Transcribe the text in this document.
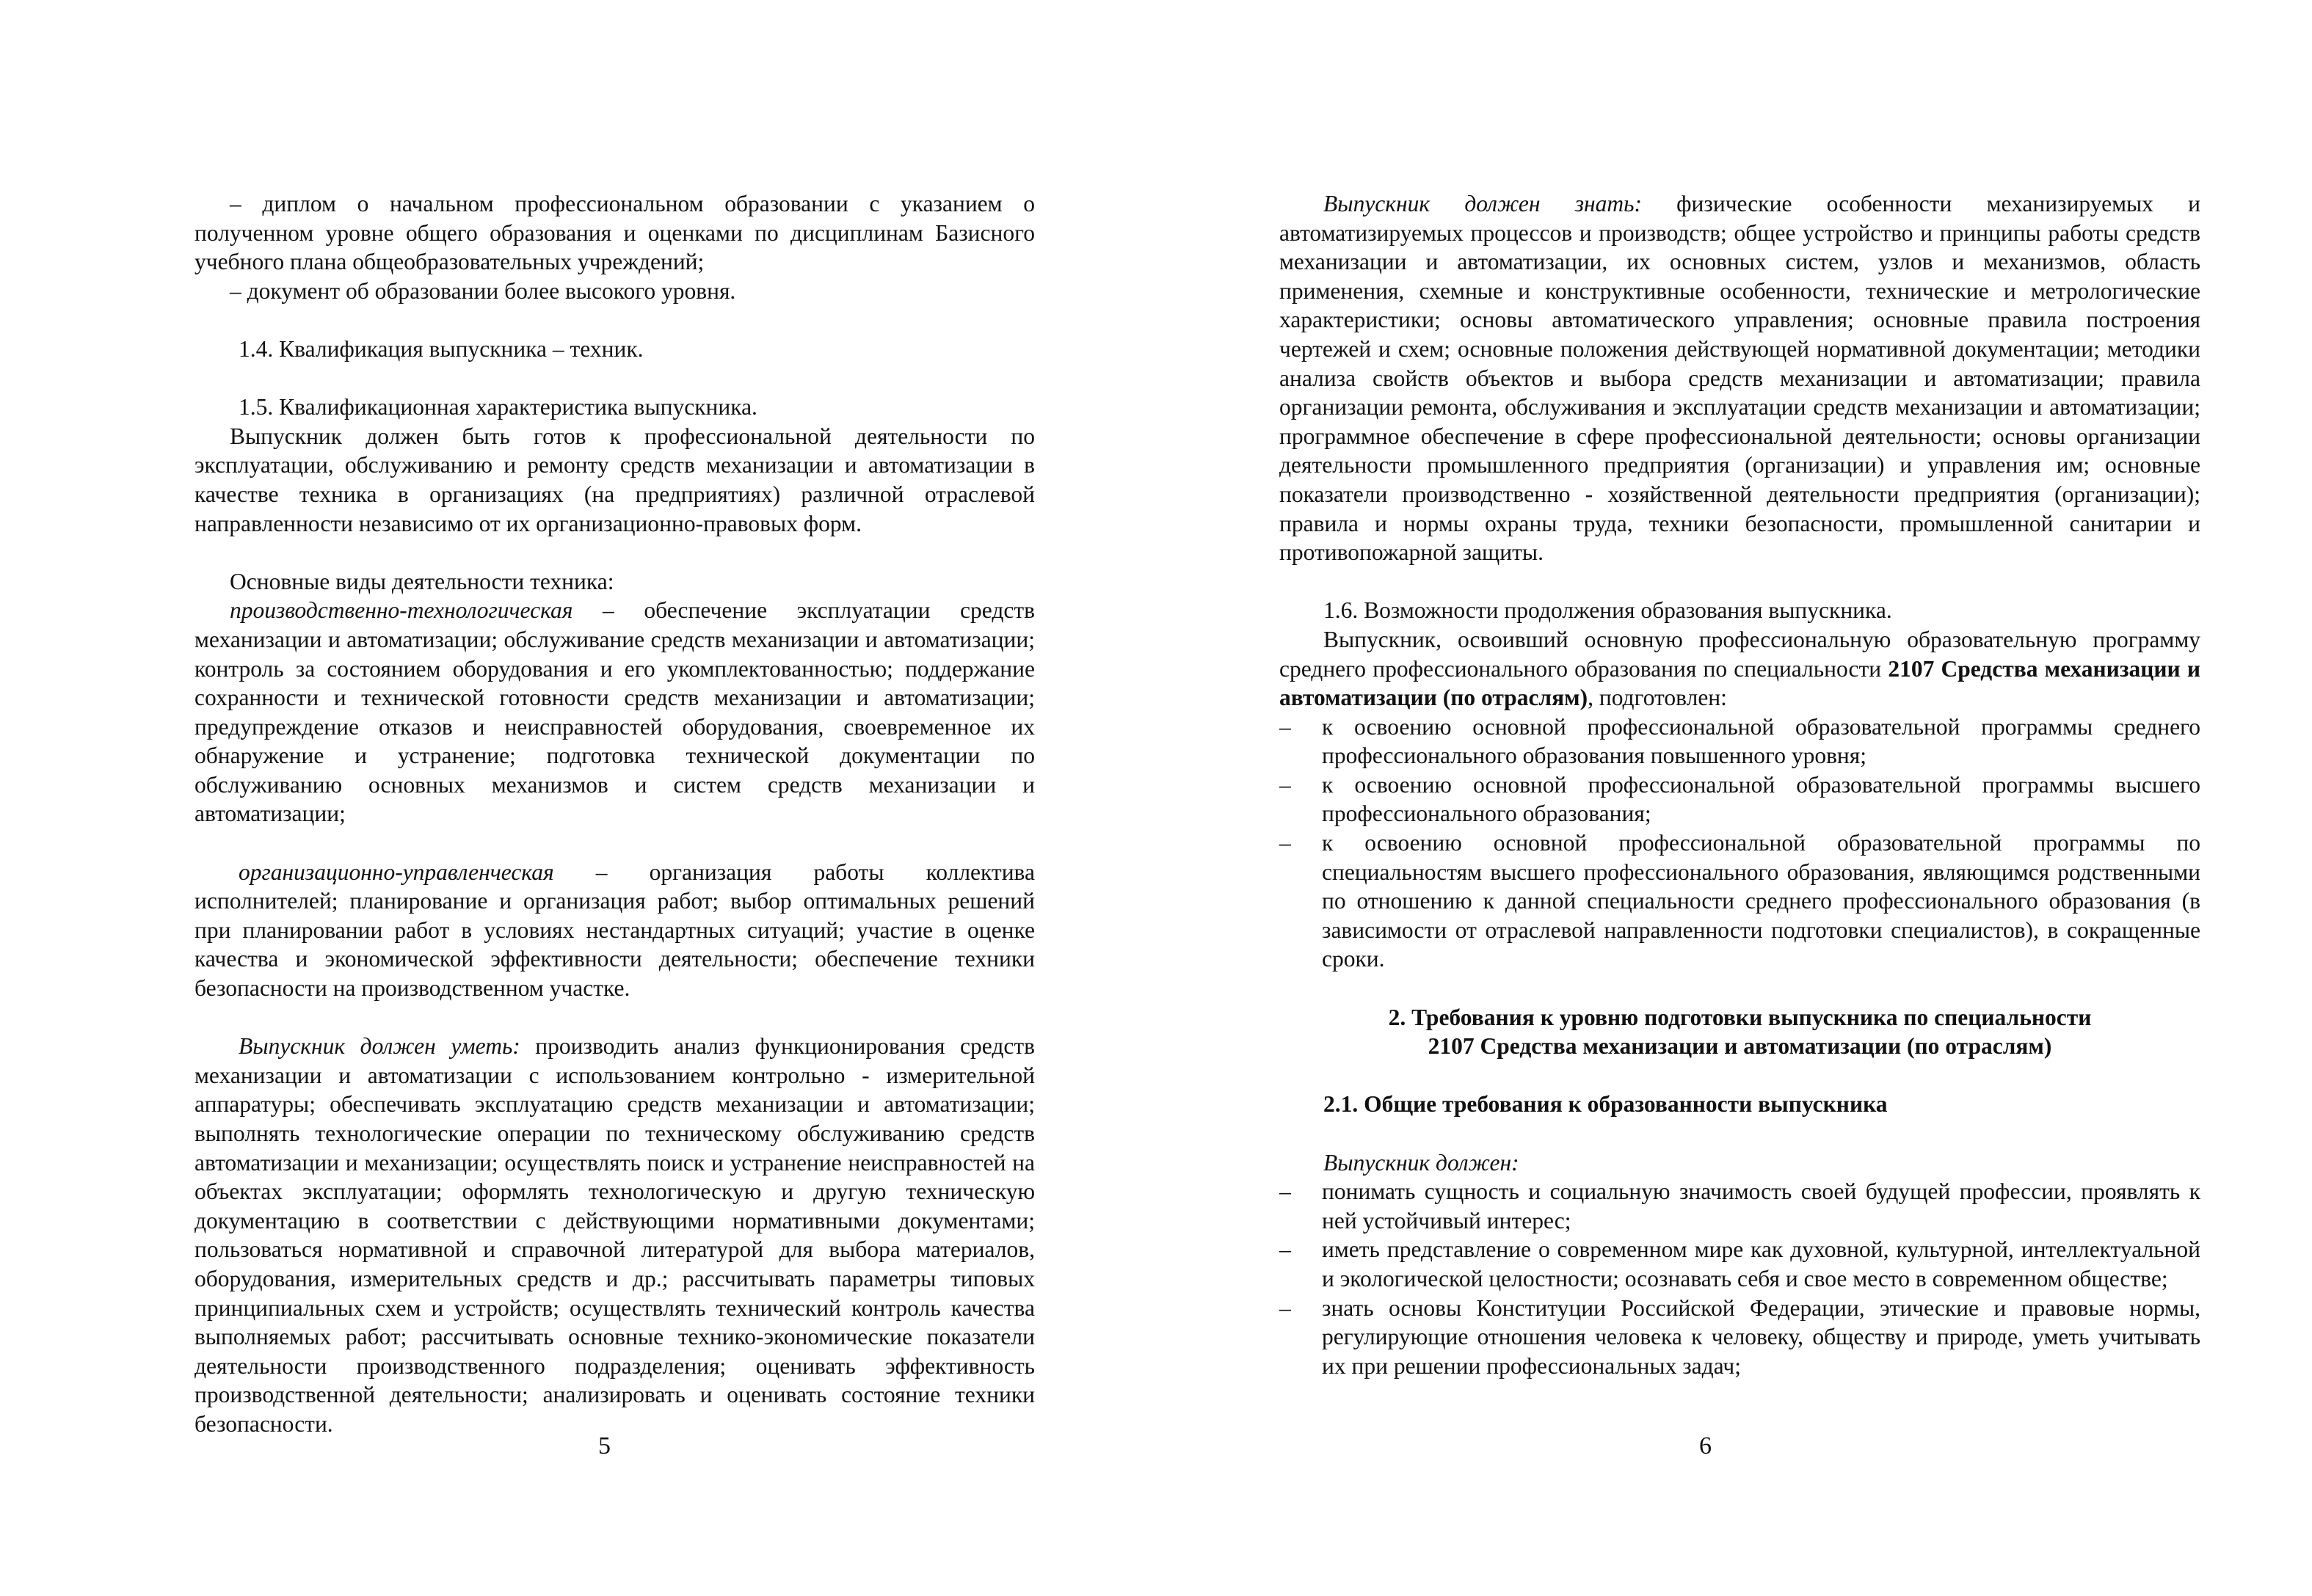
– диплом о начальном профессиональном образовании с указанием о полученном уровне общего образования и оценками по дисциплинам Базисного учебного плана общеобразовательных учреждений;

– документ об образовании более высокого уровня.

1.4. Квалификация выпускника – техник.

1.5. Квалификационная характеристика выпускника.

Выпускник должен быть готов к профессиональной деятельности по эксплуатации, обслуживанию и ремонту средств механизации и автоматизации в качестве техника в организациях (на предприятиях) различной отраслевой направленности независимо от их организационно-правовых форм.

Основные виды деятельности техника:

производственно-технологическая – обеспечение эксплуатации средств механизации и автоматизации; обслуживание средств механизации и автоматизации; контроль за состоянием оборудования и его укомплектованностью; поддержание сохранности и технической готовности средств механизации и автоматизации; предупреждение отказов и неисправностей оборудования, своевременное их обнаружение и устранение; подготовка технической документации по обслуживанию основных механизмов и систем средств механизации и автоматизации;

организационно-управленческая – организация работы коллектива исполнителей; планирование и организация работ; выбор оптимальных решений при планировании работ в условиях нестандартных ситуаций; участие в оценке качества и экономической эффективности деятельности; обеспечение техники безопасности на производственном участке.

Выпускник должен уметь: производить анализ функционирования средств механизации и автоматизации с использованием контрольно - измерительной аппаратуры; обеспечивать эксплуатацию средств механизации и автоматизации; выполнять технологические операции по техническому обслуживанию средств автоматизации и механизации; осуществлять поиск и устранение неисправностей на объектах эксплуатации; оформлять технологическую и другую техническую документацию в соответствии с действующими нормативными документами; пользоваться нормативной и справочной литературой для выбора материалов, оборудования, измерительных средств и др.; рассчитывать параметры типовых принципиальных схем и устройств; осуществлять технический контроль качества выполняемых работ; рассчитывать основные технико-экономические показатели деятельности производственного подразделения; оценивать эффективность производственной деятельности; анализировать и оценивать состояние техники безопасности.

5

Выпускник должен знать: физические особенности механизируемых и автоматизируемых процессов и производств; общее устройство и принципы работы средств механизации и автоматизации, их основных систем, узлов и механизмов, область применения, схемные и конструктивные особенности, технические и метрологические характеристики; основы автоматического управления; основные правила построения чертежей и схем; основные положения действующей нормативной документации; методики анализа свойств объектов и выбора средств механизации и автоматизации; правила организации ремонта, обслуживания и эксплуатации средств механизации и автоматизации; программное обеспечение в сфере профессиональной деятельности; основы организации деятельности промышленного предприятия (организации) и управления им; основные показатели производственно - хозяйственной деятельности предприятия (организации); правила и нормы охраны труда, техники безопасности, промышленной санитарии и противопожарной защиты.

1.6. Возможности продолжения образования выпускника.

Выпускник, освоивший основную профессиональную образовательную программу среднего профессионального образования по специальности 2107 Средства механизации и автоматизации (по отраслям), подготовлен:

– к освоению основной профессиональной образовательной программы среднего профессионального образования повышенного уровня;
– к освоению основной профессиональной образовательной программы высшего профессионального образования;
– к освоению основной профессиональной образовательной программы по специальностям высшего профессионального образования, являющимся родственными по отношению к данной специальности среднего профессионального образования (в зависимости от отраслевой направленности подготовки специалистов), в сокращенные сроки.

2. Требования к уровню подготовки выпускника по специальности

2107 Средства механизации и автоматизации (по отраслям)

2.1. Общие требования к образованности выпускника

Выпускник должен:

– понимать сущность и социальную значимость своей будущей профессии, проявлять к ней устойчивый интерес;
– иметь представление о современном мире как духовной, культурной, интеллектуальной и экологической целостности; осознавать себя и свое место в современном обществе;
– знать основы Конституции Российской Федерации, этические и правовые нормы, регулирующие отношения человека к человеку, обществу и природе, уметь учитывать их при решении профессиональных задач;
6
